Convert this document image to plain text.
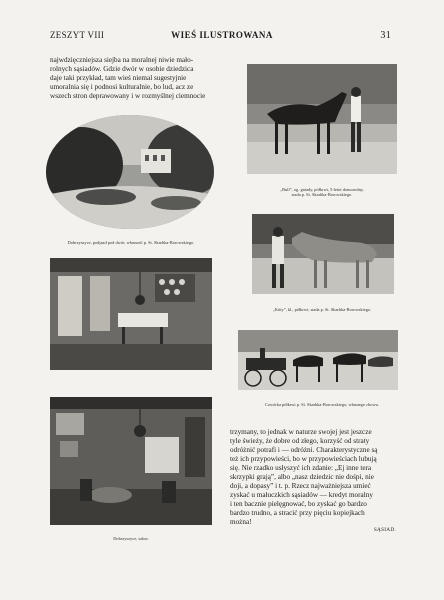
ZESZYT VIII	WIEŚ ILUSTROWANA	31
najwdzięczniejsza siejba na moralnej niwie mało-
rolnych sąsiadów. Gdzie dwór w osobie dziedzica
daje taki przykład, tam wieś niemal sugestyjnie
umoralnia się i podnosi kulturalnie, bo lud, acz ze
wszech stron deprawowany i w rozmyślnej ciemnocie
Dobrzyszyce, podjazd pod dwór, własność p. St. Skarbka-Borowskiego.
Dobrzyszyce, salon.
„Bull”, og. gniady, półkrwi, 5-letni domorodny,
stada p. St. Skarbka-Borowskiego.
„Kitty”, kl., półkrwi, stada p. St. Skarbka-Borowskiego.
Czwórka półkrwi p. St. Skarbka-Borowskiego, własnego chowu.
trzymany, to jednak w naturze swojej jest jeszcze
tyle świeży, że dobre od złego, korzyść od straty
odróżnić potrafi i — odróżni. Charakterystyczne są
też ich przypowieści, bo w przypowieściach lubują
się. Nie rzadko usłyszyć ich zdanie: „Ej inne tera
skrzypki grają”, albo „nasz dziedzic nie dośpi, nie
doji, a dopasy” i t. p. Rzecz najważniejsza umieć
zyskać u małuczkich sąsiadów — kredyt moralny
i ten bacznie pielęgnować, bo zyskać go bardzo
bardzo trudno, a stracić przy pięciu kopiejkach
można!
SĄSIAD.
